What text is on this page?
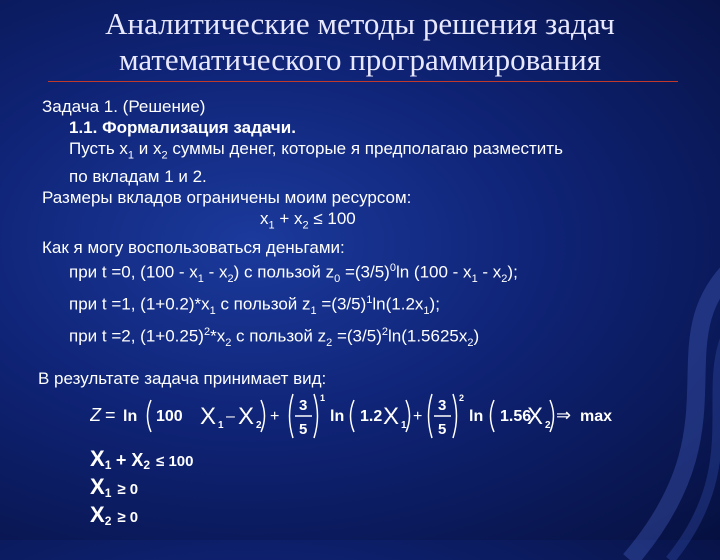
Аналитические методы решения задач
математического программирования
Задача 1. (Решение)
1.1. Формализация задачи.
Пусть $x_1$ и $x_2$ суммы денег, которые я предполагаю разместить
по вкладам 1 и 2.
Размеры вкладов ограничены моим ресурсом:
$x_1 + x_2 \le 100$
Как я могу воспользоваться деньгами:
при t =0, $(100 - x_1 - x_2)$ с пользой $z_0 =(3/5)^0\ln$ $(100 - x_1 - x_2)$;
при t =1, $(1+0.2)*x_1$ с пользой $z_1 =(3/5)^1\ln(1.2x_1)$;
при t =2, $(1+0.25)^2*x_2$ с пользой $z_2 =(3/5)^2\ln(1.5625x_2)$
В результате задача принимает вид:
Z = ln 100 X 1
– X 2
+
3
5
1
ln 1.2 X 1
+
3
5
2
ln 1.56
X 2
⇒ max
X1 + X2 ≤ 100
X1 ≥ 0
X2 ≥ 0
